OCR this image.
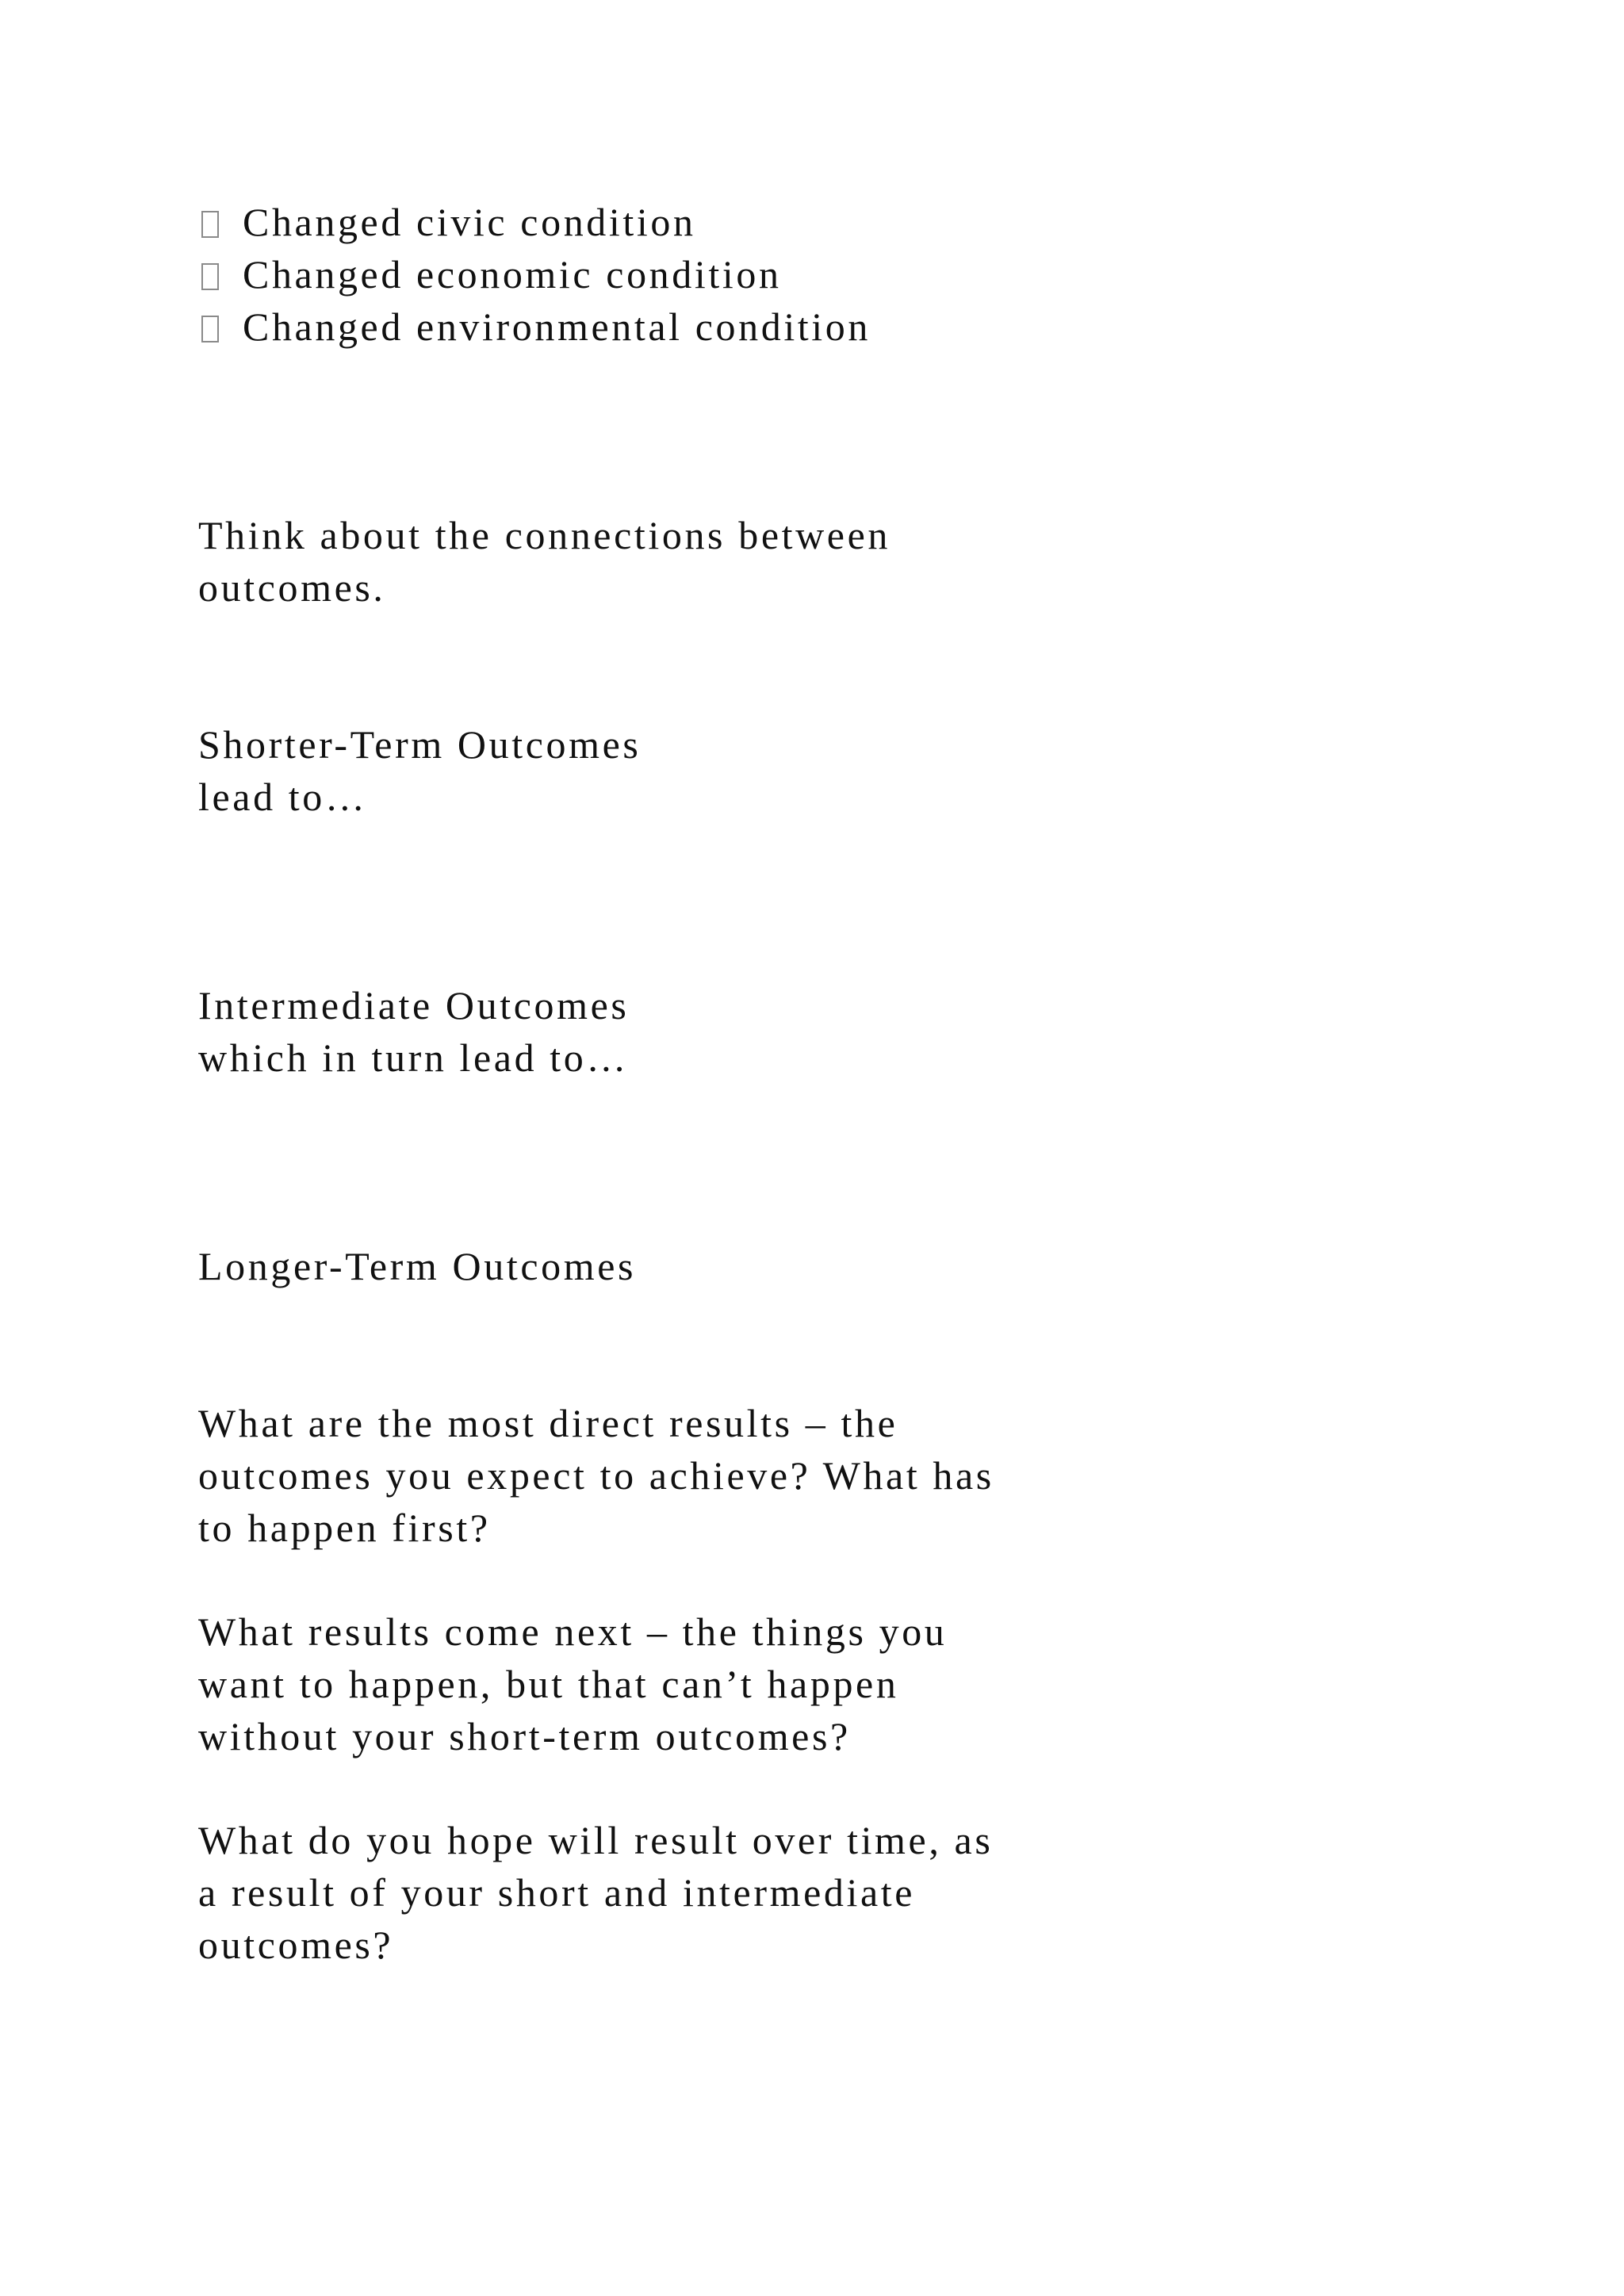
Changed civic condition
Changed economic condition
Changed environmental condition
Think about the connections between
outcomes.
Shorter-Term Outcomes
lead to…
Intermediate Outcomes
which in turn lead to…
Longer-Term Outcomes
What are the most direct results – the
outcomes you expect to achieve? What has
to happen first?
What results come next – the things you
want to happen, but that can’t happen
without your short-term outcomes?
What do you hope will result over time, as
a result of your short and intermediate
outcomes?
